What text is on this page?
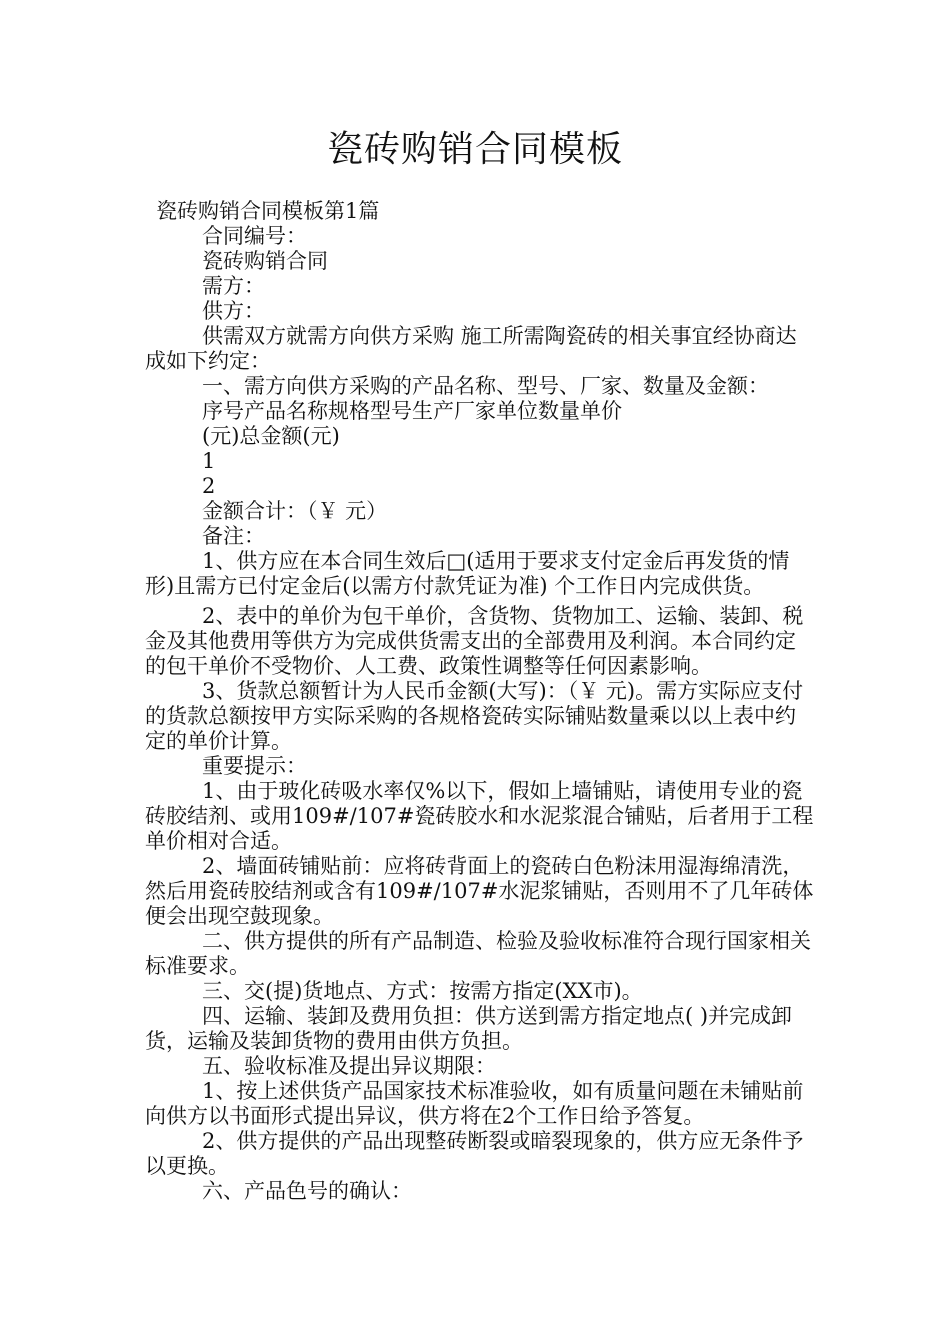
瓷砖购销合同模板
瓷砖购销合同模板第1篇

合同编号：

瓷砖购销合同

需方：

供方：

供需双方就需方向供方采购 施工所需陶瓷砖的相关事宜经协商达成如下约定：

一、需方向供方采购的产品名称、型号、厂家、数量及金额：

序号产品名称规格型号生产厂家单位数量单价

(元)总金额(元)

1

2

金额合计：（￥ 元）

备注：

1、供方应在本合同生效后□(适用于要求支付定金后再发货的情形)且需方已付定金后(以需方付款凭证为准) 个工作日内完成供货。

2、表中的单价为包干单价，含货物、货物加工、运输、装卸、税金及其他费用等供方为完成供货需支出的全部费用及利润。本合同约定的包干单价不受物价、人工费、政策性调整等任何因素影响。

3、货款总额暂计为人民币金额(大写)：（￥ 元)。需方实际应支付的货款总额按甲方实际采购的各规格瓷砖实际铺贴数量乘以以上表中约定的单价计算。

重要提示：

1、由于玻化砖吸水率仅%以下，假如上墙铺贴，请使用专业的瓷砖胶结剂、或用109#/107#瓷砖胶水和水泥浆混合铺贴，后者用于工程单价相对合适。

2、墙面砖铺贴前：应将砖背面上的瓷砖白色粉沫用湿海绵清洗，然后用瓷砖胶结剂或含有109#/107#水泥浆铺贴，否则用不了几年砖体便会出现空鼓现象。

二、供方提供的所有产品制造、检验及验收标准符合现行国家相关标准要求。

三、交(提)货地点、方式：按需方指定(XX市)。

四、运输、装卸及费用负担：供方送到需方指定地点( )并完成卸货，运输及装卸货物的费用由供方负担。

五、验收标准及提出异议期限：

1、按上述供货产品国家技术标准验收，如有质量问题在未铺贴前向供方以书面形式提出异议，供方将在2个工作日给予答复。

2、供方提供的产品出现整砖断裂或暗裂现象的，供方应无条件予以更换。

六、产品色号的确认：
